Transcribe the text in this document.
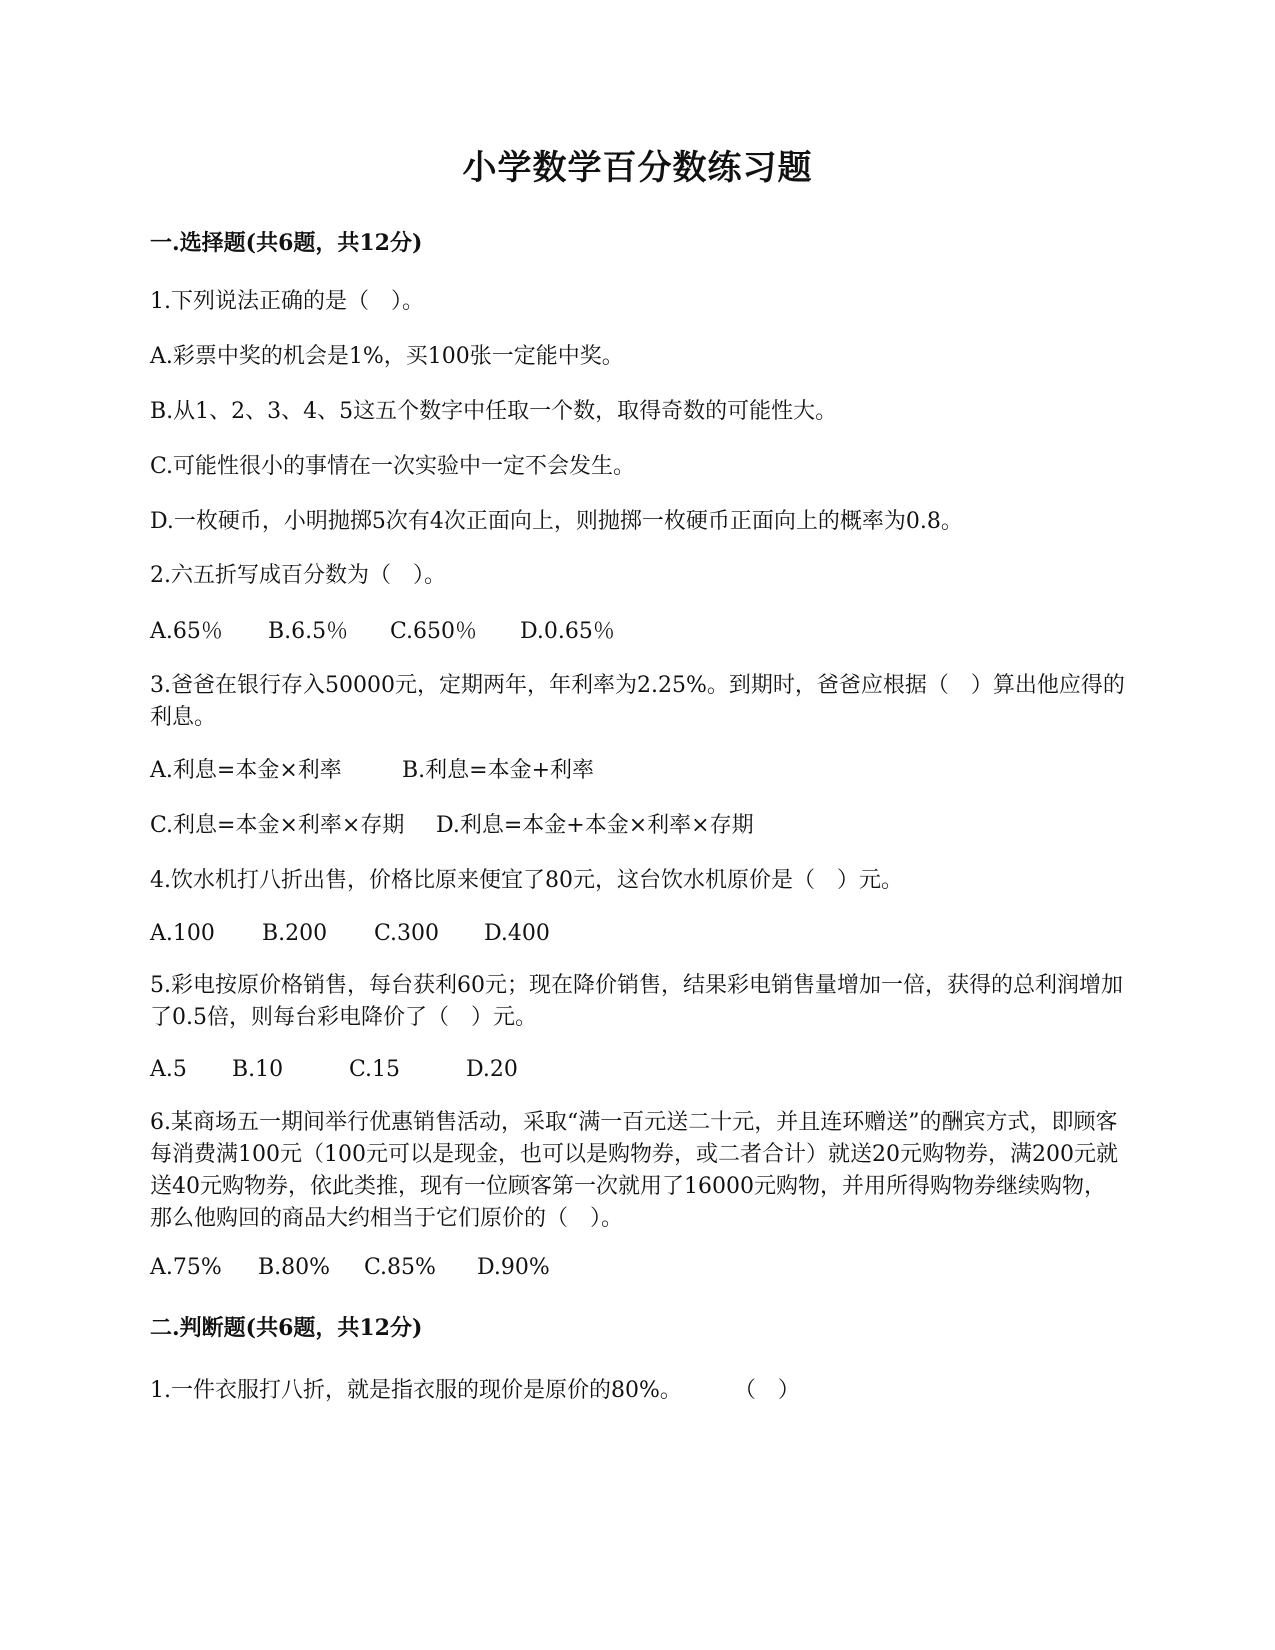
小学数学百分数练习题
一.选择题(共6题，共12分)
1.下列说法正确的是（　）。
A.彩票中奖的机会是1%，买100张一定能中奖。
B.从1、2、3、4、5这五个数字中任取一个数，取得奇数的可能性大。
C.可能性很小的事情在一次实验中一定不会发生。
D.一枚硬币，小明抛掷5次有4次正面向上，则抛掷一枚硬币正面向上的概率为0.8。
2.六五折写成百分数为（　）。
A.65％ B.6.5％ C.650％ D.0.65％
3.爸爸在银行存入50000元，定期两年，年利率为2.25%。到期时，爸爸应根据（　）算出他应得的利息。
A.利息=本金×利率	B.利息=本金+利率
C.利息=本金×利率×存期 D.利息=本金+本金×利率×存期
4.饮水机打八折出售，价格比原来便宜了80元，这台饮水机原价是（　）元。
A.100 B.200 C.300 D.400
5.彩电按原价格销售，每台获利60元；现在降价销售，结果彩电销售量增加一倍，获得的总利润增加了0.5倍，则每台彩电降价了（　）元。
A.5 B.10	C.15	D.20
6.某商场五一期间举行优惠销售活动，采取“满一百元送二十元，并且连环赠送”的酬宾方式，即顾客每消费满100元（100元可以是现金，也可以是购物券，或二者合计）就送20元购物券，满200元就送40元购物券，依此类推，现有一位顾客第一次就用了16000元购物，并用所得购物券继续购物，那么他购回的商品大约相当于它们原价的（　）。
A.75% B.80% C.85% D.90%
二.判断题(共6题，共12分)
1.一件衣服打八折，就是指衣服的现价是原价的80%。 （　）
